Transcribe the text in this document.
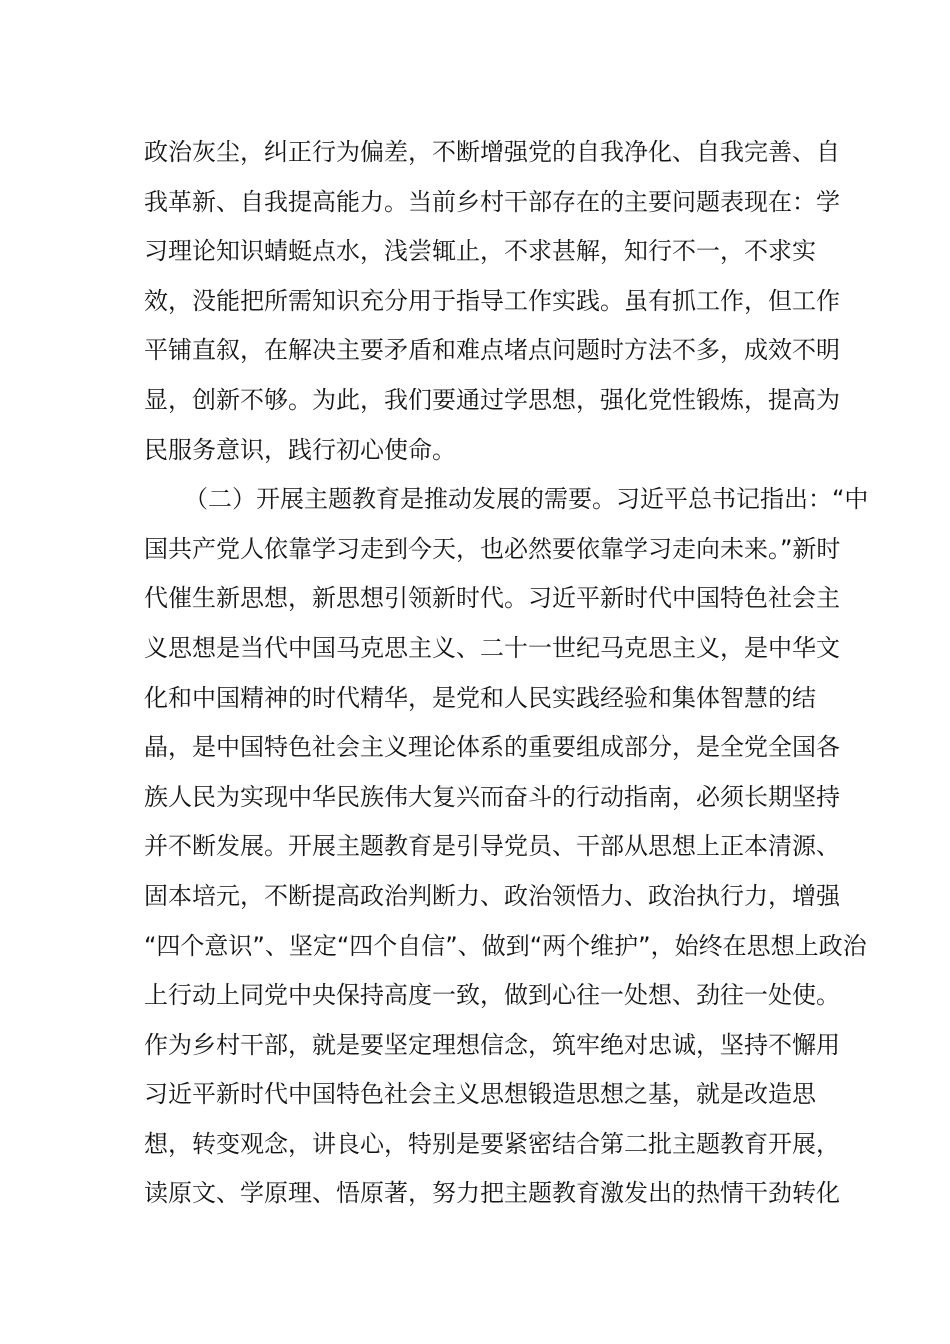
政治灰尘，纠正行为偏差，不断增强党的自我净化、自我完善、自
我革新、自我提高能力。当前乡村干部存在的主要问题表现在：学
习理论知识蜻蜓点水，浅尝辄止，不求甚解，知行不一，不求实
效，没能把所需知识充分用于指导工作实践。虽有抓工作，但工作
平铺直叙，在解决主要矛盾和难点堵点问题时方法不多，成效不明
显，创新不够。为此，我们要通过学思想，强化党性锻炼，提高为
民服务意识，践行初心使命。
（二）开展主题教育是推动发展的需要。习近平总书记指出：“中
国共产党人依靠学习走到今天，也必然要依靠学习走向未来。”新时
代催生新思想，新思想引领新时代。习近平新时代中国特色社会主
义思想是当代中国马克思主义、二十一世纪马克思主义，是中华文
化和中国精神的时代精华，是党和人民实践经验和集体智慧的结
晶，是中国特色社会主义理论体系的重要组成部分，是全党全国各
族人民为实现中华民族伟大复兴而奋斗的行动指南，必须长期坚持
并不断发展。开展主题教育是引导党员、干部从思想上正本清源、
固本培元，不断提高政治判断力、政治领悟力、政治执行力，增强
“四个意识”、坚定“四个自信”、做到“两个维护”，始终在思想上政治
上行动上同党中央保持高度一致，做到心往一处想、劲往一处使。
作为乡村干部，就是要坚定理想信念，筑牢绝对忠诚，坚持不懈用
习近平新时代中国特色社会主义思想锻造思想之基，就是改造思
想，转变观念，讲良心，特别是要紧密结合第二批主题教育开展，
读原文、学原理、悟原著，努力把主题教育激发出的热情干劲转化
